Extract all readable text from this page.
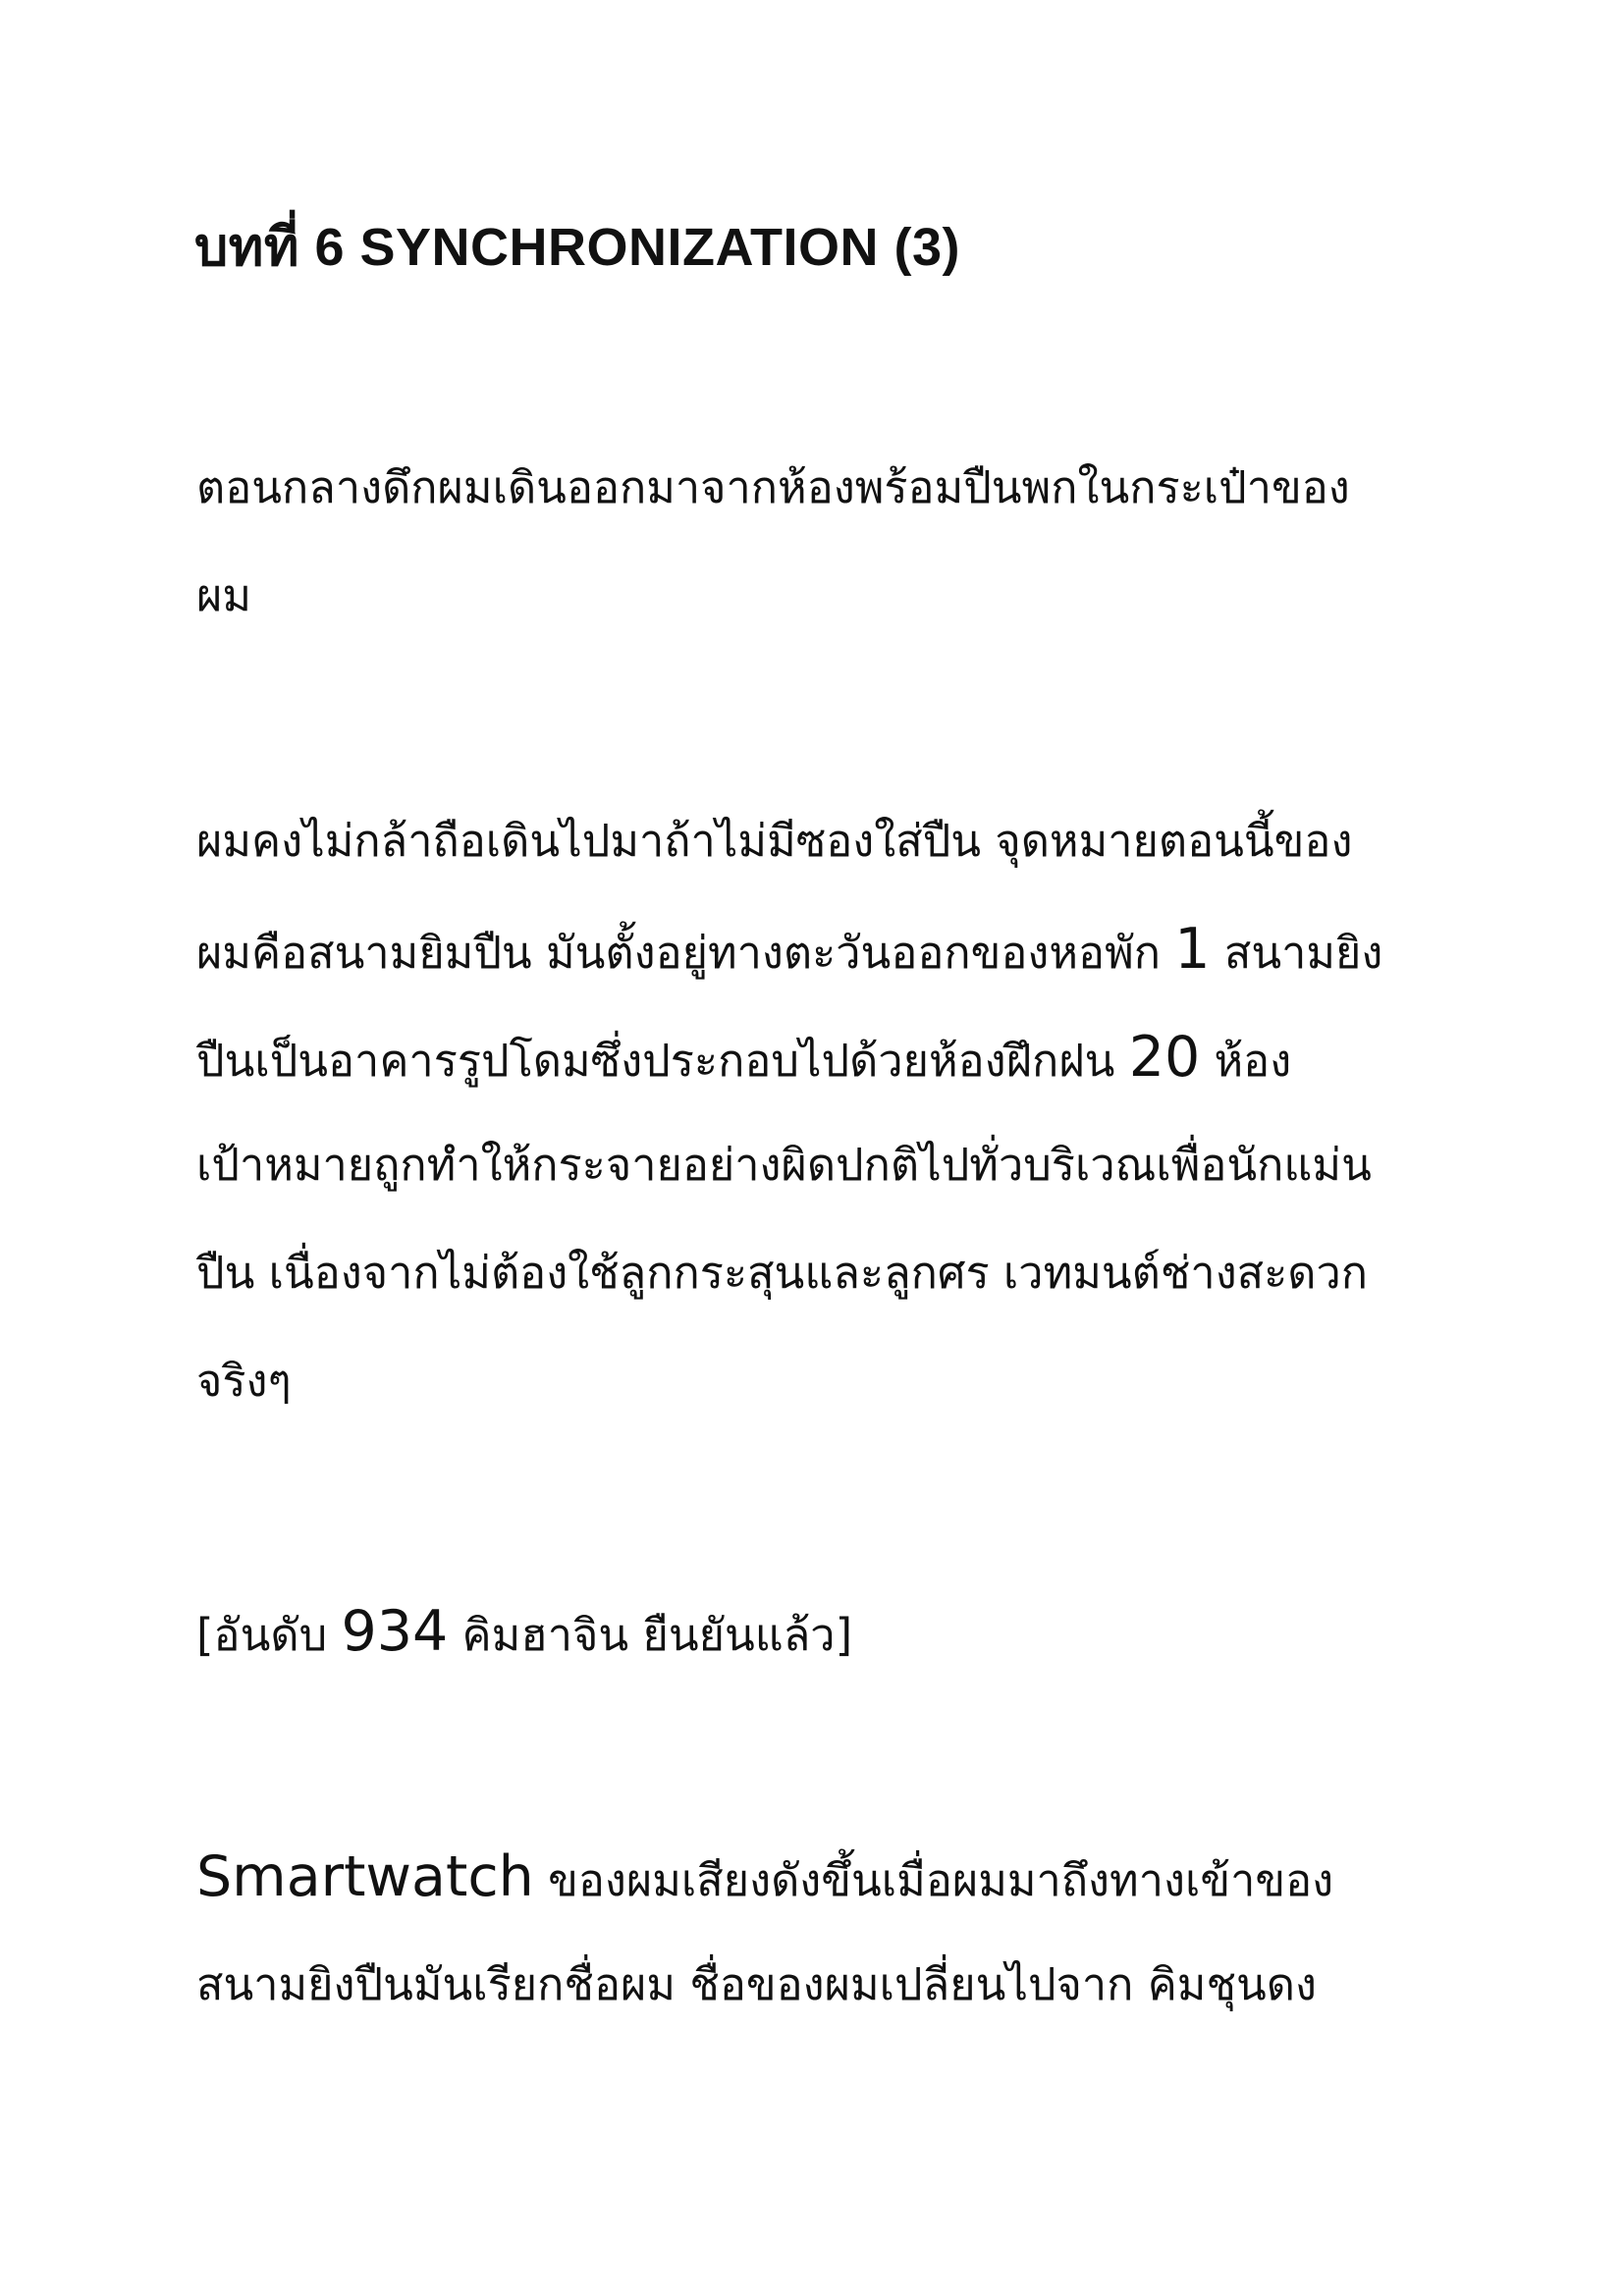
บทที่ 6 SYNCHRONIZATION (3)

ตอนกลางดึกผมเดินออกมาจากห้องพร้อมปืนพกในกระเป๋าของ
ผม

ผมคงไม่กล้าถือเดินไปมาถ้าไม่มีซองใส่ปืน จุดหมายตอนนี้ของ
ผมคือสนามยิมปืน มันตั้งอยู่ทางตะวันออกของหอพัก 1 สนามยิง
ปืนเป็นอาคารรูปโดมซึ่งประกอบไปด้วยห้องฝึกฝน 20 ห้อง
เป้าหมายถูกทำให้กระจายอย่างผิดปกติไปทั่วบริเวณเพื่อนักแม่น
ปืน เนื่องจากไม่ต้องใช้ลูกกระสุนและลูกศร เวทมนต์ช่างสะดวก
จริงๆ

[อันดับ 934 คิมฮาจิน ยืนยันแล้ว]

Smartwatch ของผมเสียงดังขึ้นเมื่อผมมาถึงทางเข้าของ
สนามยิงปืนมันเรียกชื่อผม ชื่อของผมเปลี่ยนไปจาก คิมชุนดง
